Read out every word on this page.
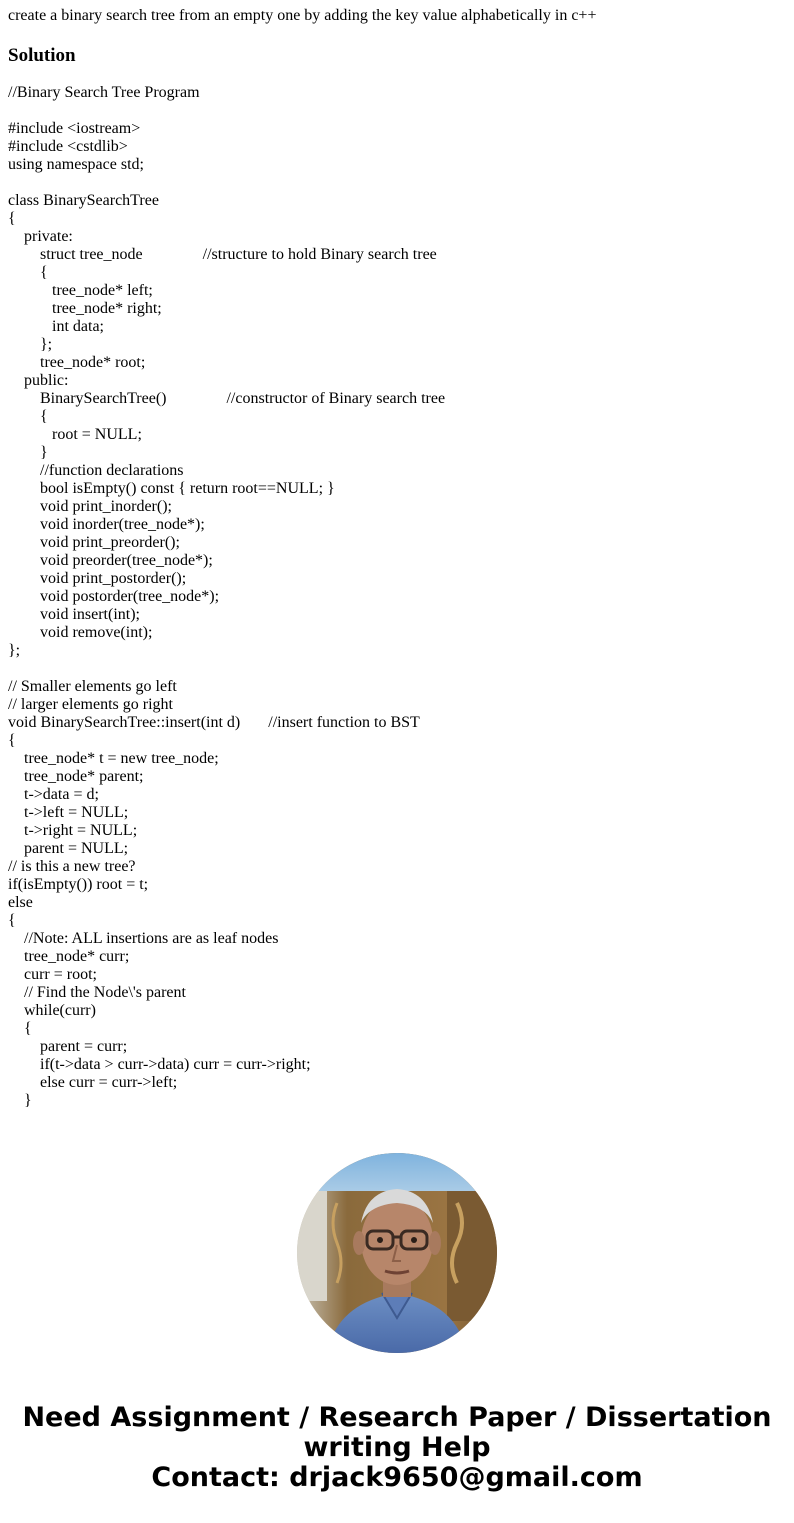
create a binary search tree from an empty one by adding the key value alphabetically in c++
Solution
//Binary Search Tree Program
#include <iostream>
#include <cstdlib>
using namespace std;
class BinarySearchTree
{
private:
struct tree_node               //structure to hold Binary search tree
{
tree_node* left;
tree_node* right;
int data;
};
tree_node* root;
public:
BinarySearchTree()               //constructor of Binary search tree
{
root = NULL;
}
//function declarations
bool isEmpty() const { return root==NULL; }
void print_inorder();
void inorder(tree_node*);
void print_preorder();
void preorder(tree_node*);
void print_postorder();
void postorder(tree_node*);
void insert(int);
void remove(int);
};
// Smaller elements go left
// larger elements go right
void BinarySearchTree::insert(int d)       //insert function to BST
{
tree_node* t = new tree_node;
tree_node* parent;
t->data = d;
t->left = NULL;
t->right = NULL;
parent = NULL;
// is this a new tree?
if(isEmpty()) root = t;
else
{
//Note: ALL insertions are as leaf nodes
tree_node* curr;
curr = root;
// Find the Node\'s parent
while(curr)
{
parent = curr;
if(t->data > curr->data) curr = curr->right;
else curr = curr->left;
}
Need Assignment / Research Paper / Dissertation
writing Help
Contact: drjack9650@gmail.com
